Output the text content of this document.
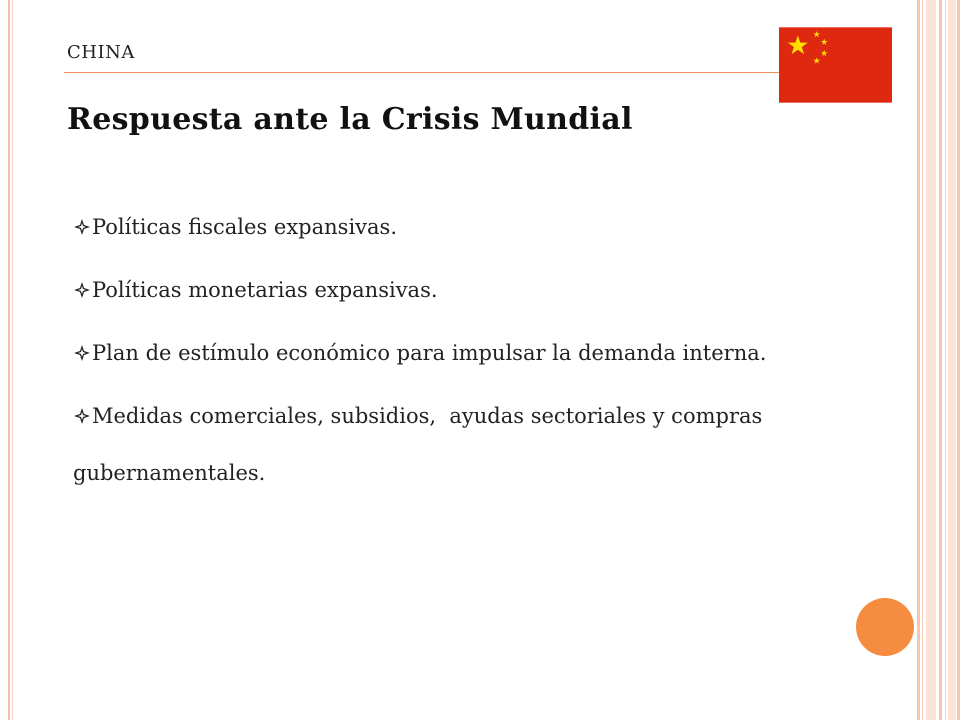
CHINA
Respuesta ante la Crisis Mundial
Políticas fiscales expansivas.
Políticas monetarias expansivas.
Plan de estímulo económico para impulsar la demanda interna.
Medidas comerciales, subsidios,  ayudas sectoriales y compras
gubernamentales.
